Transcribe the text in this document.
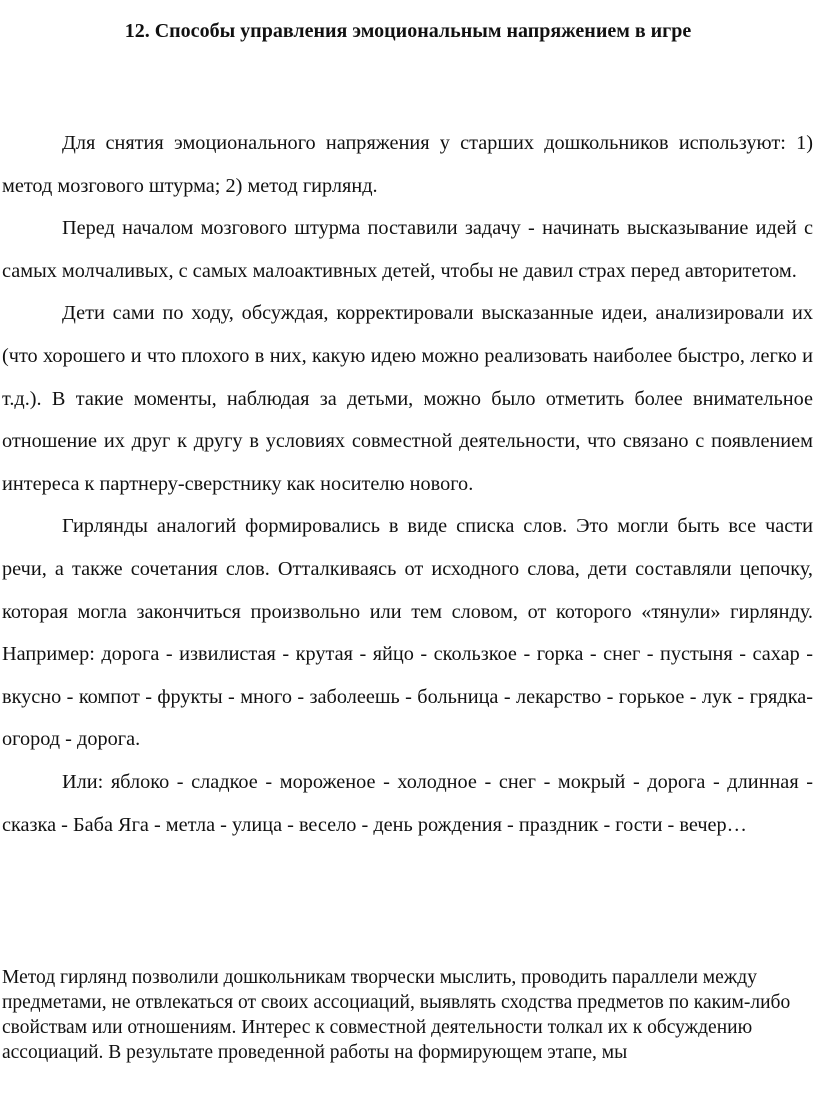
12. Способы управления эмоциональным напряжением в игре

Для снятия эмоционального напряжения у старших дошкольников используют: 1) метод мозгового штурма; 2) метод гирлянд.

Перед началом мозгового штурма поставили задачу - начинать высказывание идей с самых молчаливых, с самых малоактивных детей, чтобы не давил страх перед авторитетом.

Дети сами по ходу, обсуждая, корректировали высказанные идеи, анализировали их (что хорошего и что плохого в них, какую идею можно реализовать наиболее быстро, легко и т.д.). В такие моменты, наблюдая за детьми, можно было отметить более внимательное отношение их друг к другу в условиях совместной деятельности, что связано с появлением интереса к партнеру-сверстнику как носителю нового.

Гирлянды аналогий формировались в виде списка слов. Это могли быть все части речи, а также сочетания слов. Отталкиваясь от исходного слова, дети составляли цепочку, которая могла закончиться произвольно или тем словом, от которого «тянули» гирлянду. Например: дорога - извилистая - крутая - яйцо - скользкое - горка - снег - пустыня - сахар - вкусно - компот - фрукты - много - заболеешь - больница - лекарство - горькое - лук - грядка- огород - дорога.

Или: яблоко - сладкое - мороженое - холодное - снег - мокрый - дорога - длинная - сказка - Баба Яга - метла - улица - весело - день рождения - праздник - гости - вечер…

Метод гирлянд позволили дошкольникам творчески мыслить, проводить параллели между предметами, не отвлекаться от своих ассоциаций, выявлять сходства предметов по каким-либо свойствам или отношениям. Интерес к совместной деятельности толкал их к обсуждению ассоциаций. В результате проведенной работы на формирующем этапе, мы
